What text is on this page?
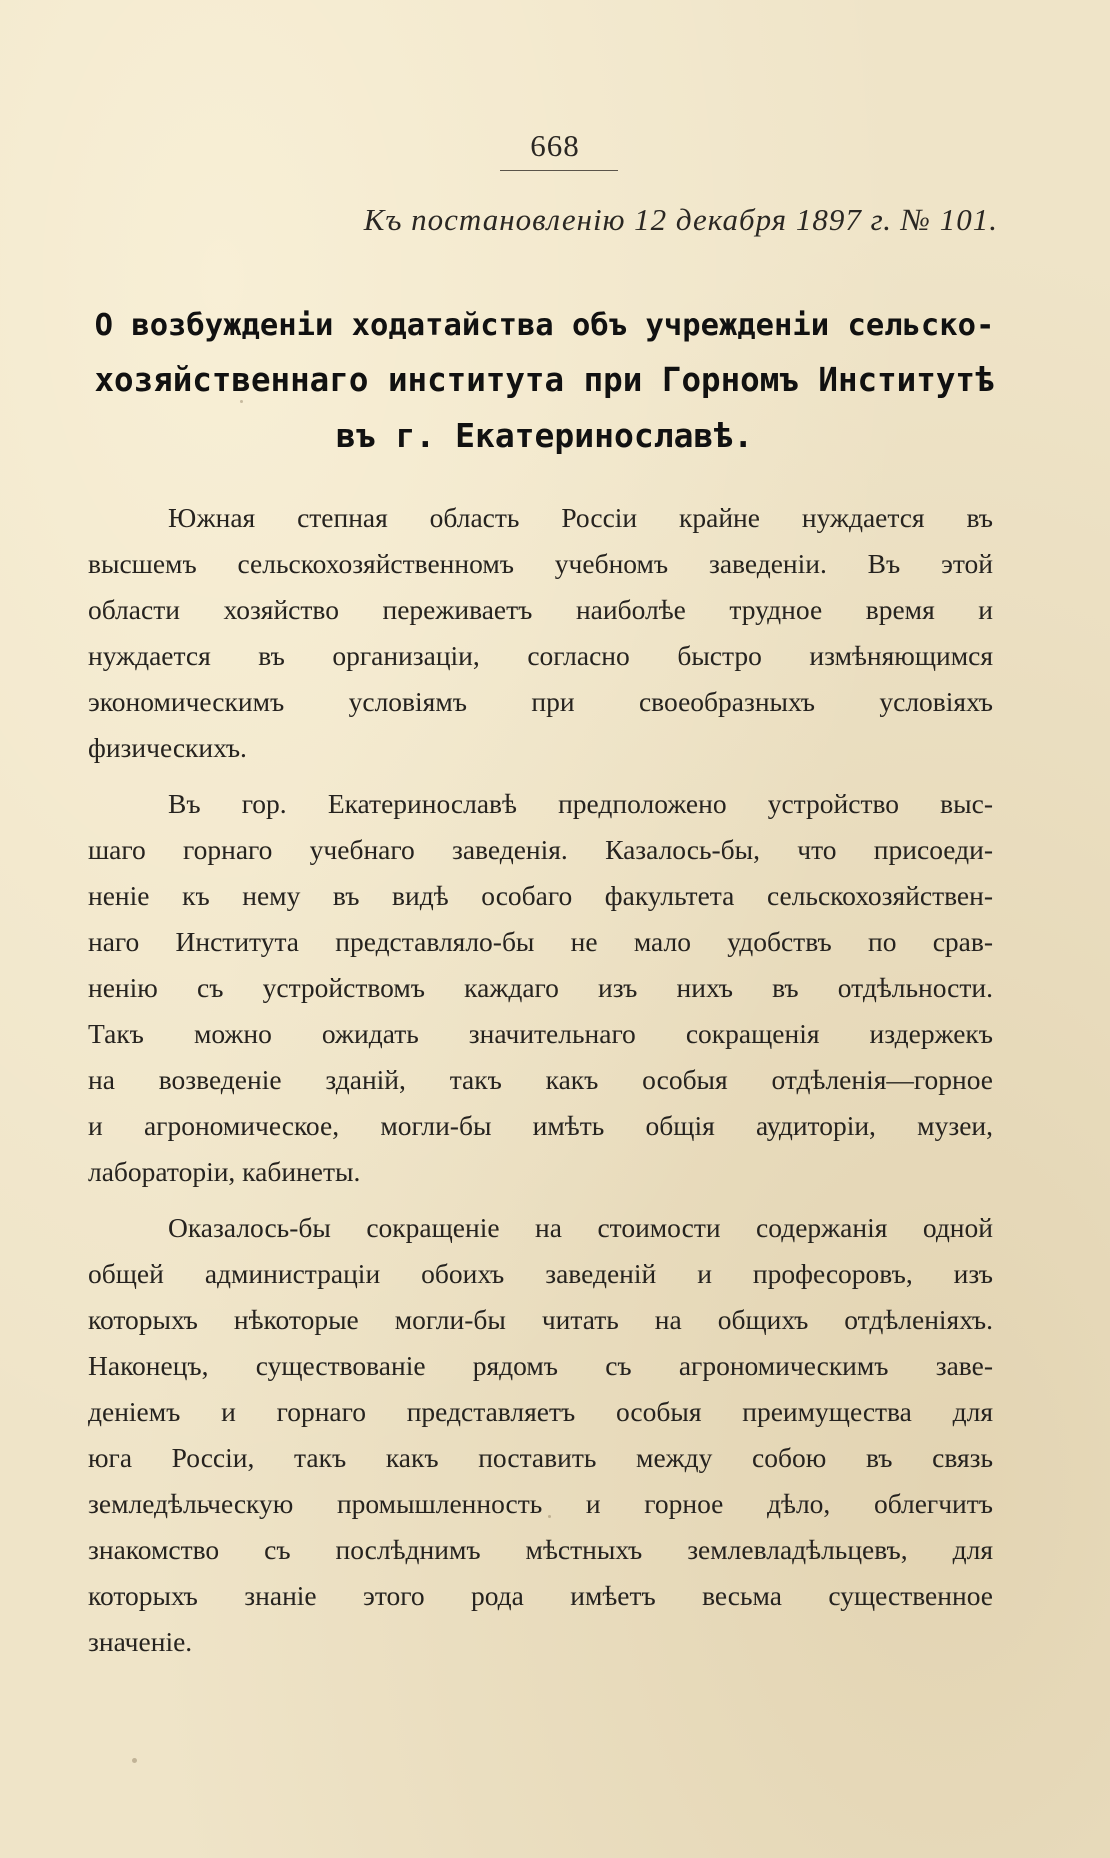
668
Къ постановленію 12 декабря 1897 г. № 101.
О возбужденіи ходатайства объ учрежденіи сельско-
хозяйственнаго института при Горномъ Институтѣ
въ г. Екатеринославѣ.

Южная степная область Россіи крайне нуждается въ
высшемъ сельскохозяйственномъ учебномъ заведеніи. Въ этой
области хозяйство переживаетъ наиболѣе трудное время и
нуждается въ организаціи, согласно быстро измѣняющимся
экономическимъ условіямъ при своеобразныхъ условіяхъ
физическихъ.

Въ гор. Екатеринославѣ предположено устройство выс-
шаго горнаго учебнаго заведенія. Казалось-бы, что присоеди-
неніе къ нему въ видѣ особаго факультета сельскохозяйствен-
наго Института представляло-бы не мало удобствъ по срав-
ненію съ устройствомъ каждаго изъ нихъ въ отдѣльности.
Такъ можно ожидать значительнаго сокращенія издержекъ
на возведеніе зданій, такъ какъ особыя отдѣленія—горное
и агрономическое, могли-бы имѣть общія аудиторіи, музеи,
лабораторіи, кабинеты.

Оказалось-бы сокращеніе на стоимости содержанія одной
общей администраціи обоихъ заведеній и професоровъ, изъ
которыхъ нѣкоторые могли-бы читать на общихъ отдѣленіяхъ.
Наконецъ, существованіе рядомъ съ агрономическимъ заве-
деніемъ и горнаго представляетъ особыя преимущества для
юга Россіи, такъ какъ поставить между собою въ связь
земледѣльческую промышленность и горное дѣло, облегчитъ
знакомство съ послѣднимъ мѣстныхъ землевладѣльцевъ, для
которыхъ знаніе этого рода имѣетъ весьма существенное
значеніе.
